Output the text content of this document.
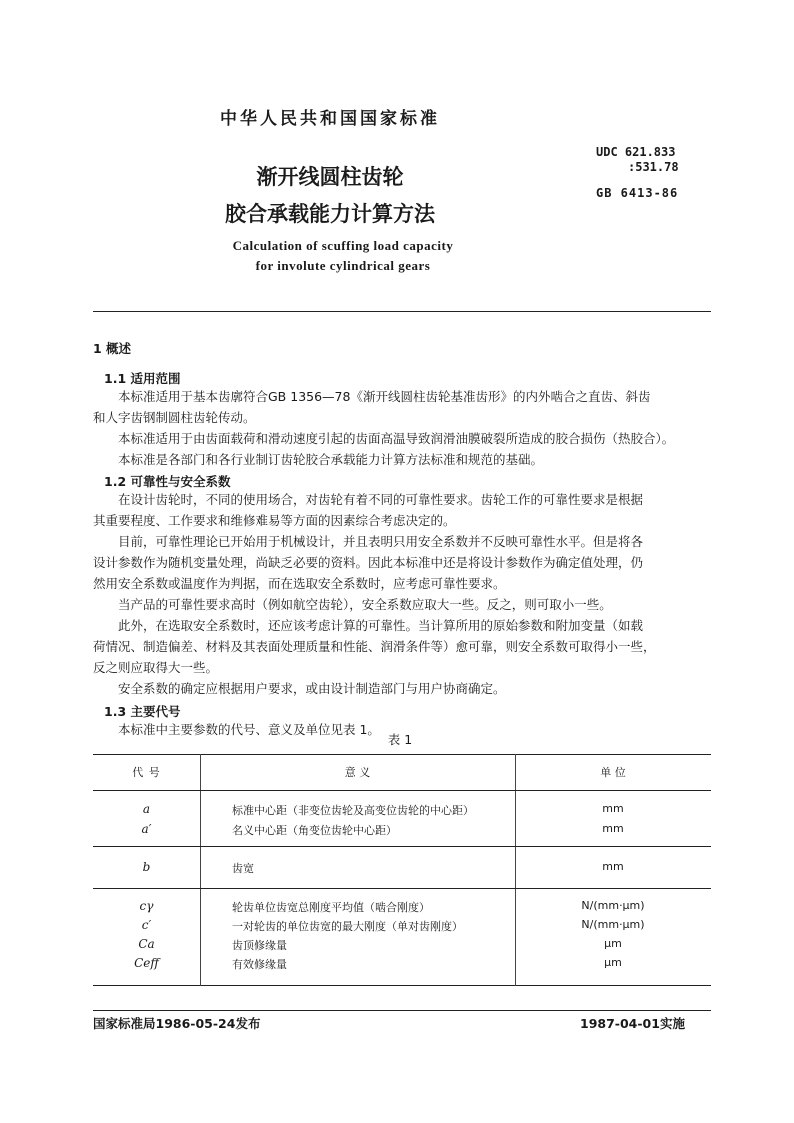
中华人民共和国国家标准
渐开线圆柱齿轮
胶合承载能力计算方法
Calculation of scuffing load capacity
for involute cylindrical gears
UDC 621.833
:531.78
GB 6413-86
1 概述
1.1 适用范围
本标准适用于基本齿廓符合GB 1356—78《渐开线圆柱齿轮基准齿形》的内外啮合之直齿、斜齿
和人字齿钢制圆柱齿轮传动。
本标准适用于由齿面载荷和滑动速度引起的齿面高温导致润滑油膜破裂所造成的胶合损伤（热胶合）。
本标准是各部门和各行业制订齿轮胶合承载能力计算方法标准和规范的基础。
1.2 可靠性与安全系数
在设计齿轮时，不同的使用场合，对齿轮有着不同的可靠性要求。齿轮工作的可靠性要求是根据
其重要程度、工作要求和维修难易等方面的因素综合考虑决定的。
目前，可靠性理论已开始用于机械设计，并且表明只用安全系数并不反映可靠性水平。但是将各
设计参数作为随机变量处理，尚缺乏必要的资料。因此本标准中还是将设计参数作为确定值处理，仍
然用安全系数或温度作为判据，而在选取安全系数时，应考虑可靠性要求。
当产品的可靠性要求高时（例如航空齿轮），安全系数应取大一些。反之，则可取小一些。
此外，在选取安全系数时，还应该考虑计算的可靠性。当计算所用的原始参数和附加变量（如载
荷情况、制造偏差、材料及其表面处理质量和性能、润滑条件等）愈可靠，则安全系数可取得小一些，
反之则应取得大一些。
安全系数的确定应根据用户要求，或由设计制造部门与用户协商确定。
1.3 主要代号
本标准中主要参数的代号、意义及单位见表 1。
表 1
代 号	意 义	单 位
a	标准中心距（非变位齿轮及高变位齿轮的中心距）	mm
a′	名义中心距（角变位齿轮中心距）	mm
b	齿宽	mm
cγ	轮齿单位齿宽总刚度平均值（啮合刚度）	N/(mm·μm)
c′	一对轮齿的单位齿宽的最大刚度（单对齿刚度）	N/(mm·μm)
Ca	齿顶修缘量	μm
Ceff	有效修缘量	μm
国家标准局1986-05-24发布	1987-04-01实施
